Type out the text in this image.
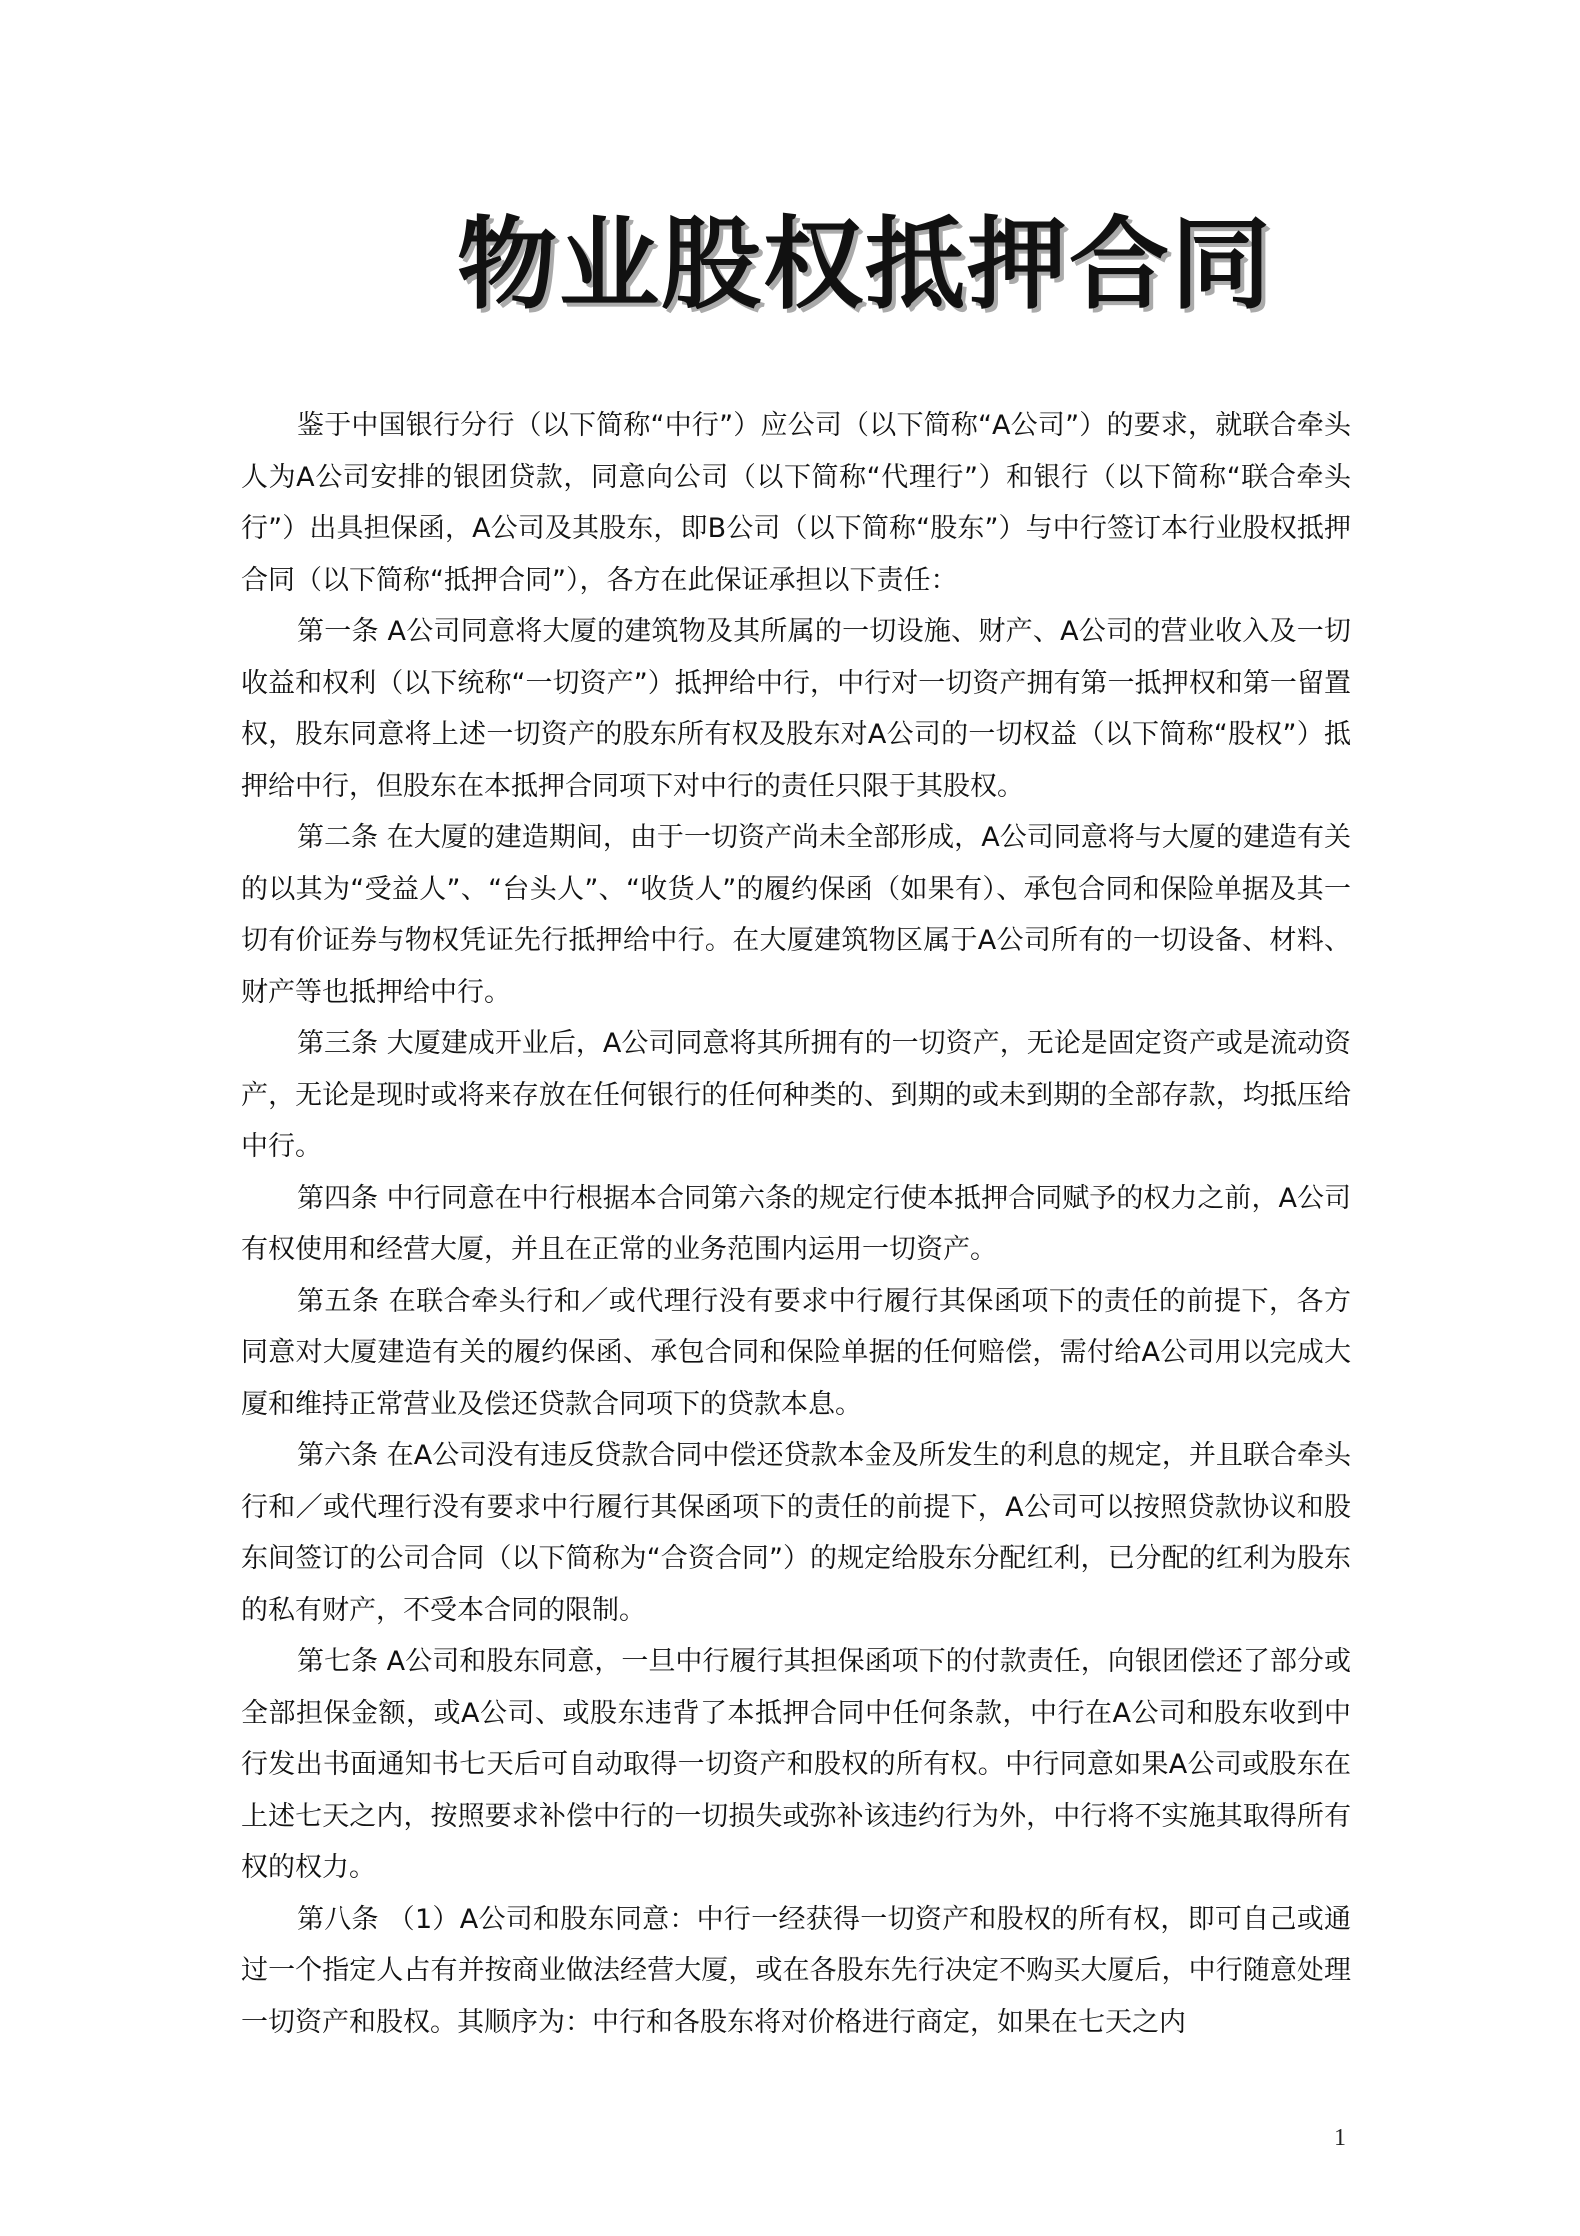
物业股权抵押合同

鉴于中国银行分行（以下简称“中行”）应公司（以下简称“A公司”）的要求，就联合牵头人为A公司安排的银团贷款，同意向公司（以下简称“代理行”）和银行（以下简称“联合牵头行”）出具担保函，A公司及其股东，即B公司（以下简称“股东”）与中行签订本行业股权抵押合同（以下简称“抵押合同”），各方在此保证承担以下责任：

第一条 A公司同意将大厦的建筑物及其所属的一切设施、财产、A公司的营业收入及一切收益和权利（以下统称“一切资产”）抵押给中行，中行对一切资产拥有第一抵押权和第一留置权，股东同意将上述一切资产的股东所有权及股东对A公司的一切权益（以下简称“股权”）抵押给中行，但股东在本抵押合同项下对中行的责任只限于其股权。

第二条 在大厦的建造期间，由于一切资产尚未全部形成，A公司同意将与大厦的建造有关的以其为“受益人”、“台头人”、“收货人”的履约保函（如果有）、承包合同和保险单据及其一切有价证券与物权凭证先行抵押给中行。在大厦建筑物区属于A公司所有的一切设备、材料、财产等也抵押给中行。

第三条 大厦建成开业后，A公司同意将其所拥有的一切资产，无论是固定资产或是流动资产，无论是现时或将来存放在任何银行的任何种类的、到期的或未到期的全部存款，均抵压给中行。

第四条 中行同意在中行根据本合同第六条的规定行使本抵押合同赋予的权力之前，A公司有权使用和经营大厦，并且在正常的业务范围内运用一切资产。

第五条 在联合牵头行和／或代理行没有要求中行履行其保函项下的责任的前提下，各方同意对大厦建造有关的履约保函、承包合同和保险单据的任何赔偿，需付给A公司用以完成大厦和维持正常营业及偿还贷款合同项下的贷款本息。

第六条 在A公司没有违反贷款合同中偿还贷款本金及所发生的利息的规定，并且联合牵头行和／或代理行没有要求中行履行其保函项下的责任的前提下，A公司可以按照贷款协议和股东间签订的公司合同（以下简称为“合资合同”）的规定给股东分配红利，已分配的红利为股东的私有财产，不受本合同的限制。

第七条 A公司和股东同意，一旦中行履行其担保函项下的付款责任，向银团偿还了部分或全部担保金额，或A公司、或股东违背了本抵押合同中任何条款，中行在A公司和股东收到中行发出书面通知书七天后可自动取得一切资产和股权的所有权。中行同意如果A公司或股东在上述七天之内，按照要求补偿中行的一切损失或弥补该违约行为外，中行将不实施其取得所有权的权力。

第八条 （1）A公司和股东同意：中行一经获得一切资产和股权的所有权，即可自己或通过一个指定人占有并按商业做法经营大厦，或在各股东先行决定不购买大厦后，中行随意处理一切资产和股权。其顺序为：中行和各股东将对价格进行商定，如果在七天之内

1
